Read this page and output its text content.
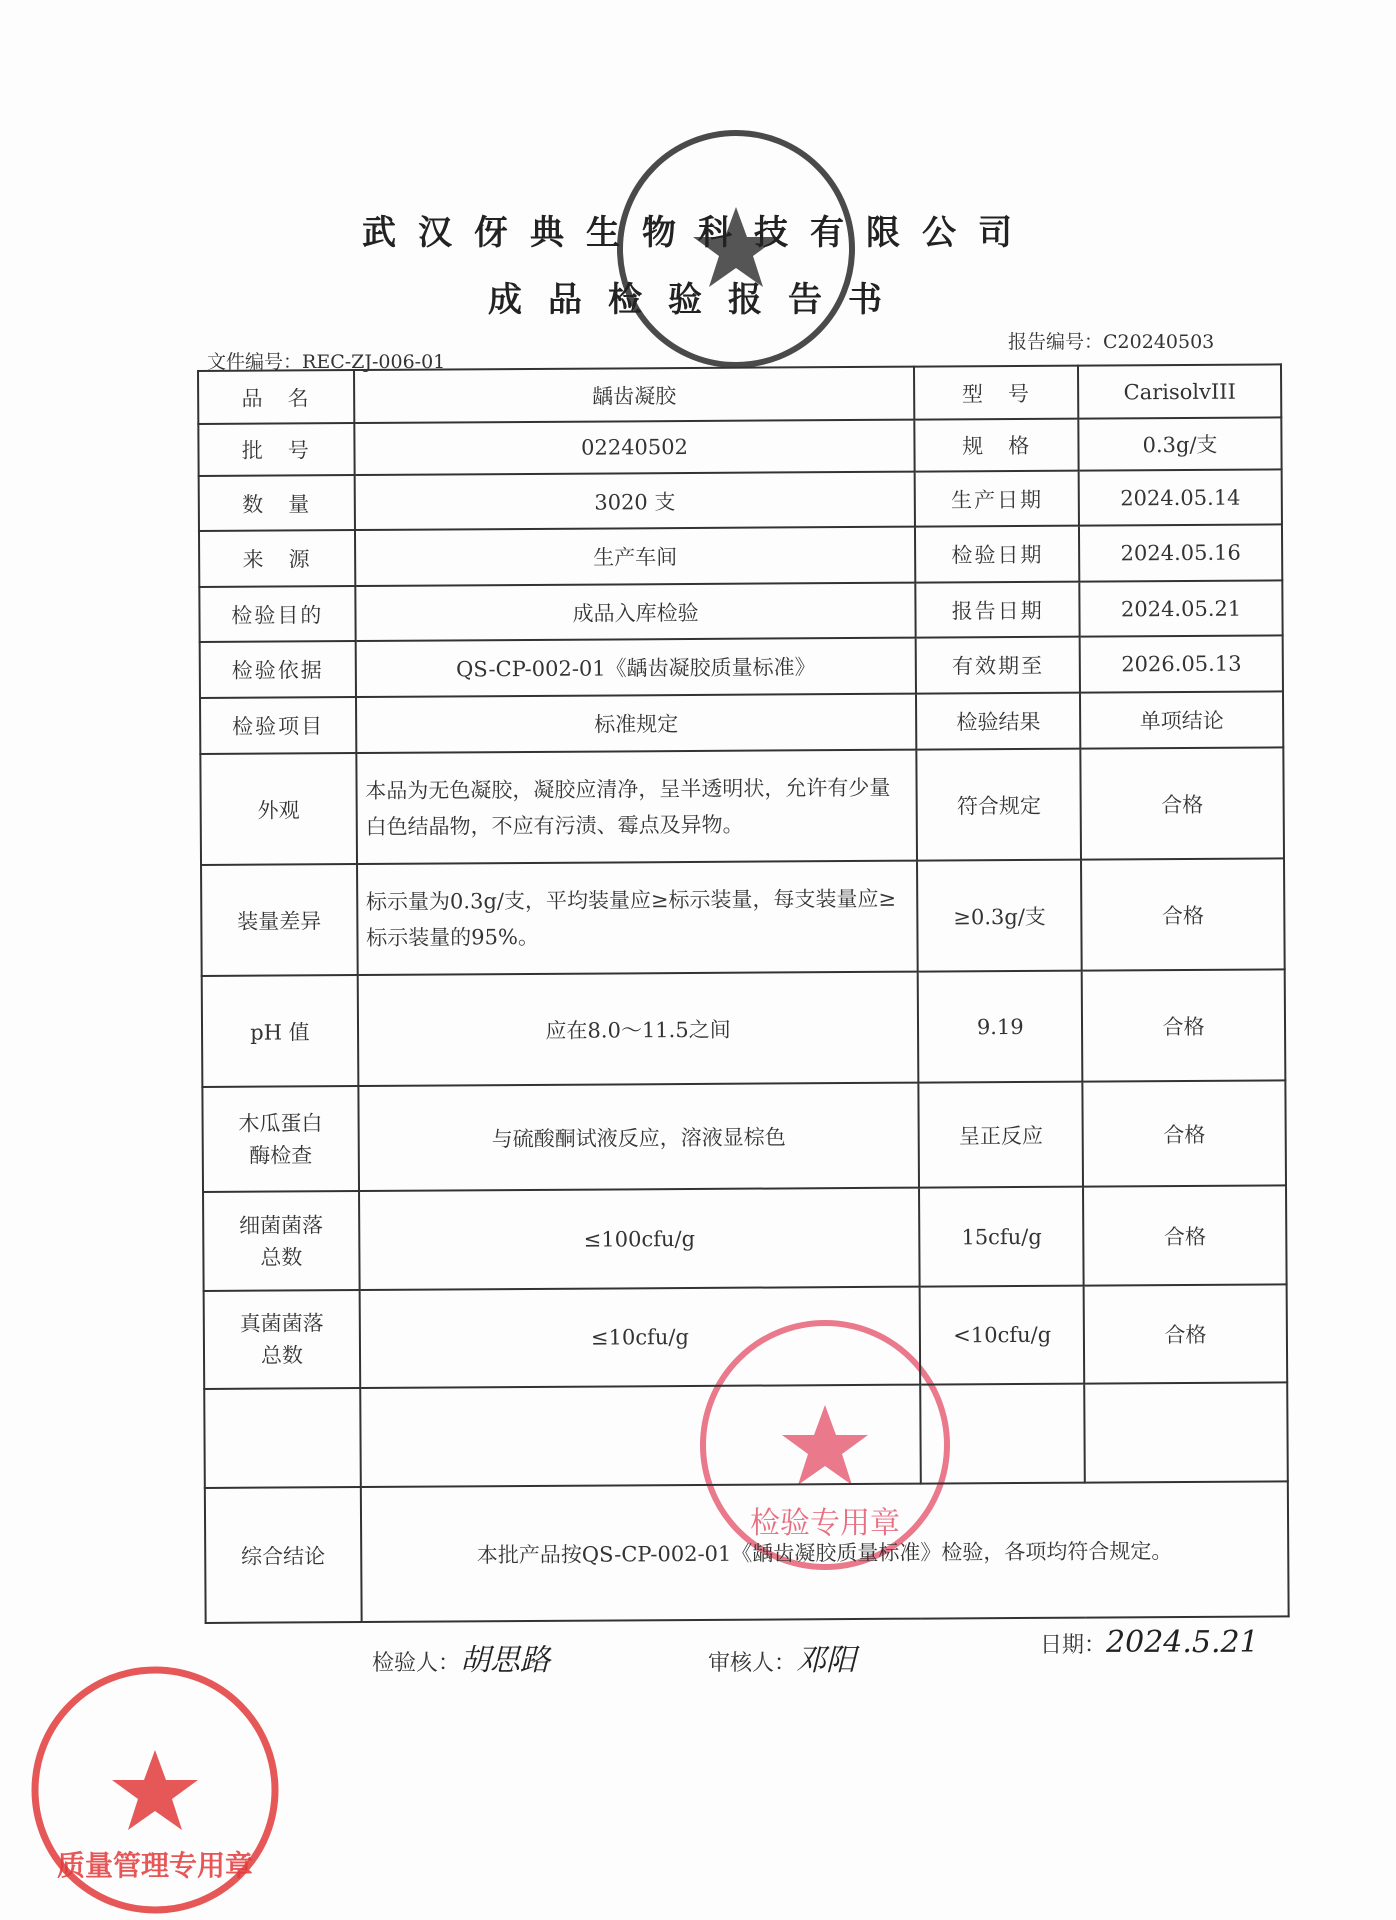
检验专用章
质量管理专用章
武汉伢典生物科技有限公司
成品检验报告书
文件编号：REC-ZJ-006-01
报告编号：C20240503
品　名	龋齿凝胶	型　号	CarisolvIII
批　号	02240502	规　格	0.3g/支
数　量	3020 支	生产日期	2024.05.14
来　源	生产车间	检验日期	2024.05.16
检验目的	成品入库检验	报告日期	2024.05.21
检验依据	QS-CP-002-01《龋齿凝胶质量标准》	有效期至	2026.05.13
检验项目	标准规定	检验结果	单项结论
外观	本品为无色凝胶，凝胶应清净，呈半透明状，允许有少量白色结晶物，不应有污渍、霉点及异物。	符合规定	合格
装量差异	标示量为0.3g/支，平均装量应≥标示装量，每支装量应≥标示装量的95%。	≥0.3g/支	合格
pH 值	应在8.0～11.5之间	9.19	合格
木瓜蛋白酶检查	与硫酸酮试液反应，溶液显棕色	呈正反应	合格
细菌菌落总数	≤100cfu/g	15cfu/g	合格
真菌菌落总数	≤10cfu/g	<10cfu/g	合格

综合结论	本批产品按QS-CP-002-01《龋齿凝胶质量标准》检验，各项均符合规定。		
检验人：胡思路	审核人：邓阳	日期：2024.5.21
